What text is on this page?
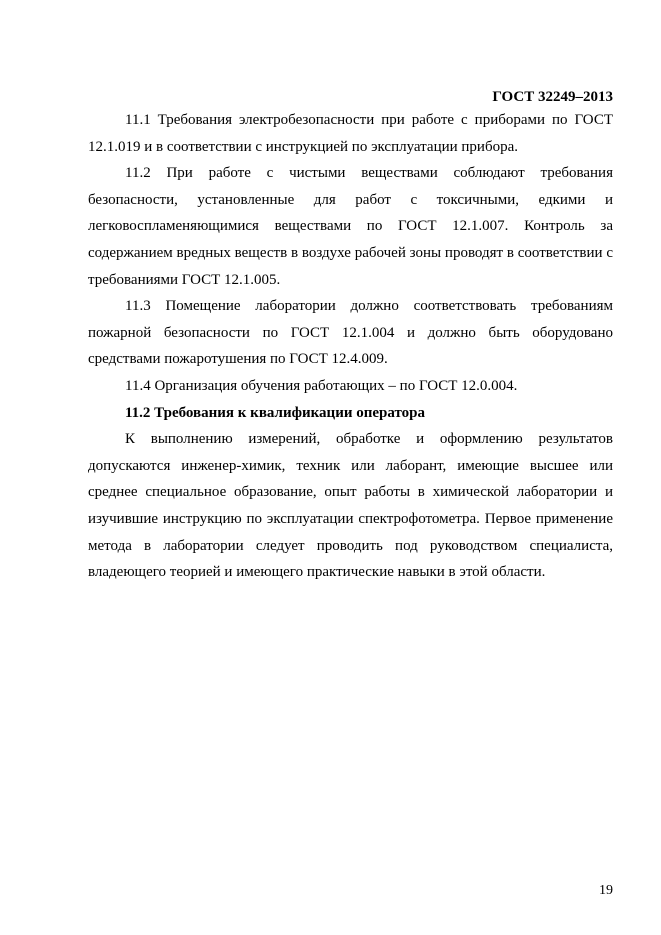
ГОСТ 32249–2013

11.1 Требования электробезопасности при работе с приборами по ГОСТ 12.1.019 и в соответствии с инструкцией по эксплуатации прибора.

11.2 При работе с чистыми веществами соблюдают требования безопасности, установленные для работ с токсичными, едкими и легковоспламеняющимися веществами по ГОСТ 12.1.007. Контроль за содержанием вредных веществ в воздухе рабочей зоны проводят в соответствии с требованиями ГОСТ 12.1.005.

11.3 Помещение лаборатории должно соответствовать требованиям пожарной безопасности по ГОСТ 12.1.004 и должно быть оборудовано средствами пожаротушения по ГОСТ 12.4.009.

11.4 Организация обучения работающих – по ГОСТ 12.0.004.

11.2 Требования к квалификации оператора

К выполнению измерений, обработке и оформлению результатов допускаются инженер-химик, техник или лаборант, имеющие высшее или среднее специальное образование, опыт работы в химической лаборатории и изучившие инструкцию по эксплуатации спектрофотометра. Первое применение метода в лаборатории следует проводить под руководством специалиста, владеющего теорией и имеющего практические навыки в этой области.

19
